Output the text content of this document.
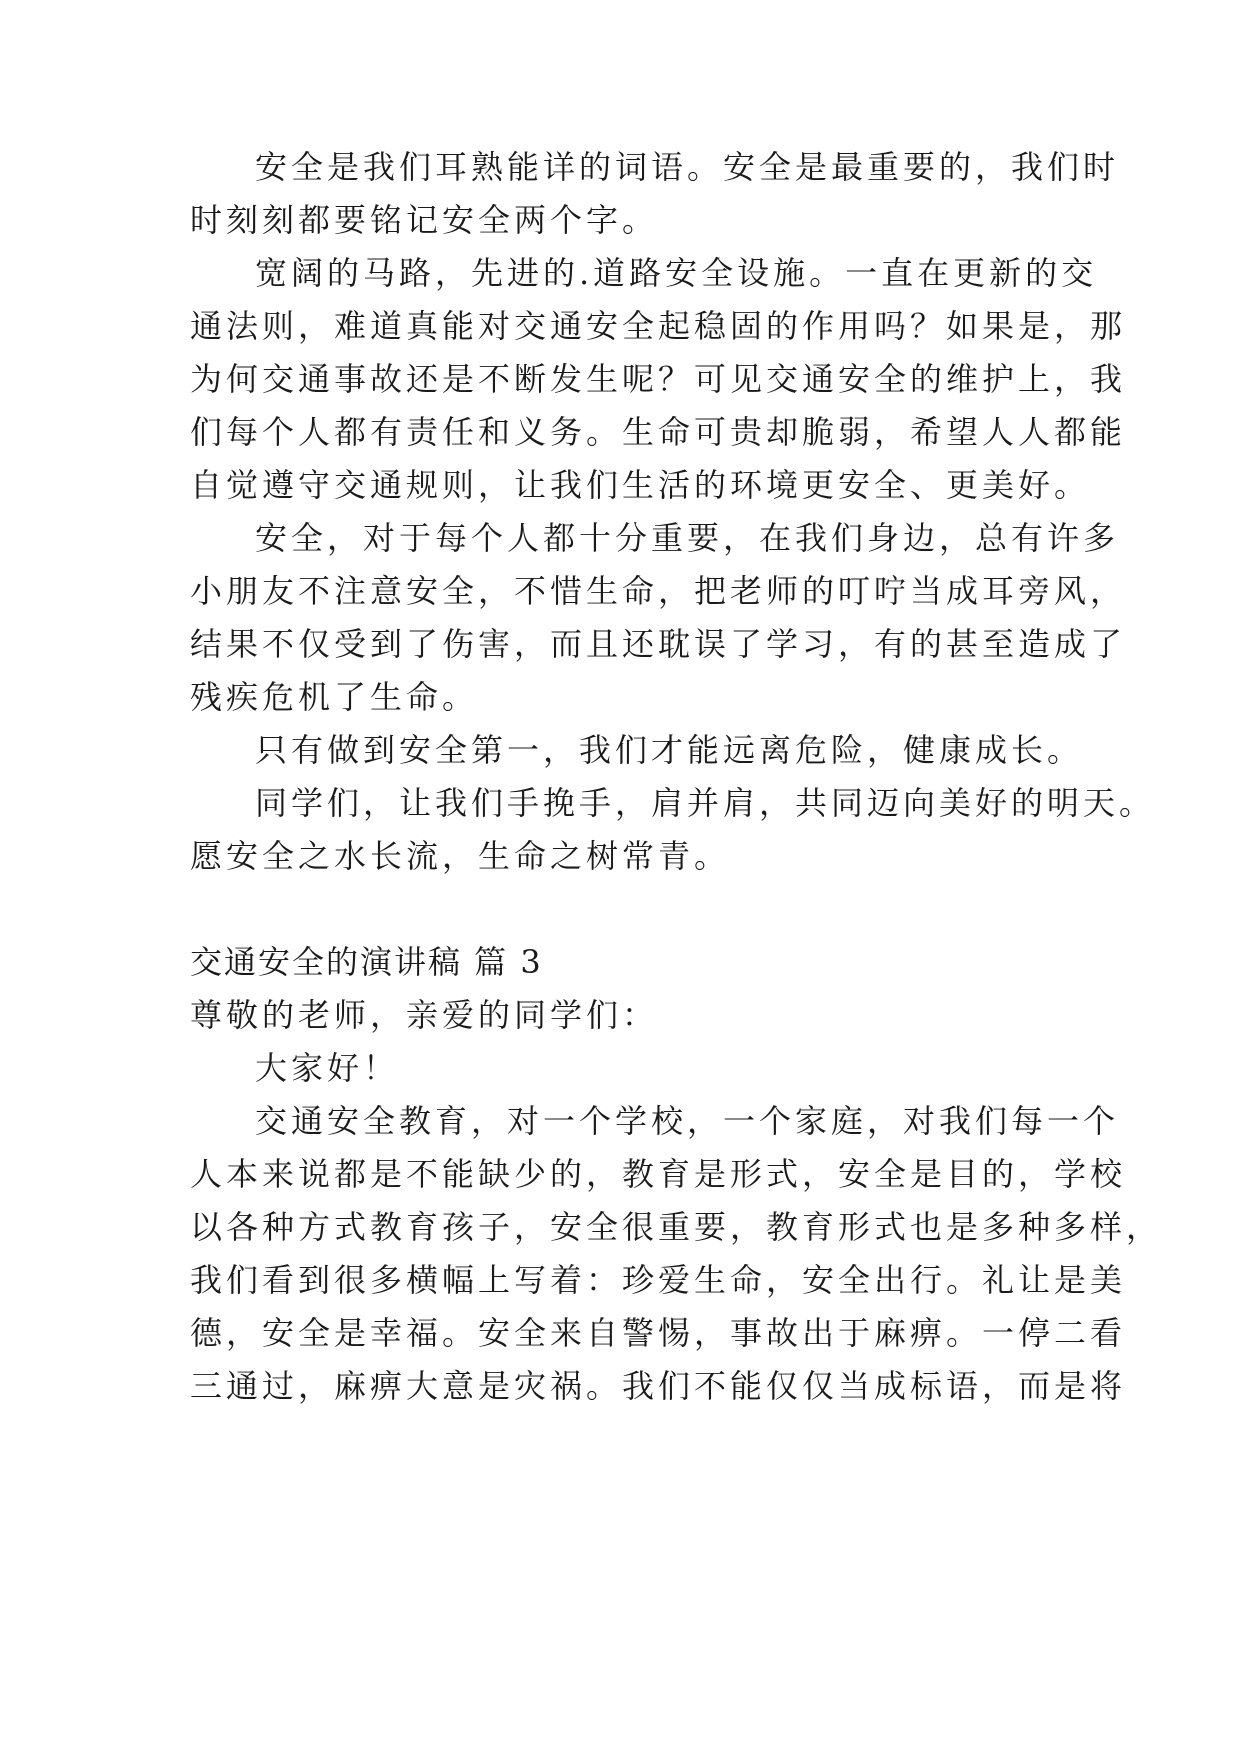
安全是我们耳熟能详的词语。安全是最重要的，我们时
时刻刻都要铭记安全两个字。
宽阔的马路，先进的.道路安全设施。一直在更新的交
通法则，难道真能对交通安全起稳固的作用吗？如果是，那
为何交通事故还是不断发生呢？可见交通安全的维护上，我
们每个人都有责任和义务。生命可贵却脆弱，希望人人都能
自觉遵守交通规则，让我们生活的环境更安全、更美好。
安全，对于每个人都十分重要，在我们身边，总有许多
小朋友不注意安全，不惜生命，把老师的叮咛当成耳旁风，
结果不仅受到了伤害，而且还耽误了学习，有的甚至造成了
残疾危机了生命。
只有做到安全第一，我们才能远离危险，健康成长。
同学们，让我们手挽手，肩并肩，共同迈向美好的明天。
愿安全之水长流，生命之树常青。
交通安全的演讲稿 篇 3
尊敬的老师，亲爱的同学们：
大家好！
交通安全教育，对一个学校，一个家庭，对我们每一个
人本来说都是不能缺少的，教育是形式，安全是目的，学校
以各种方式教育孩子，安全很重要，教育形式也是多种多样，
我们看到很多横幅上写着：珍爱生命，安全出行。礼让是美
德，安全是幸福。安全来自警惕，事故出于麻痹。一停二看
三通过，麻痹大意是灾祸。我们不能仅仅当成标语，而是将
